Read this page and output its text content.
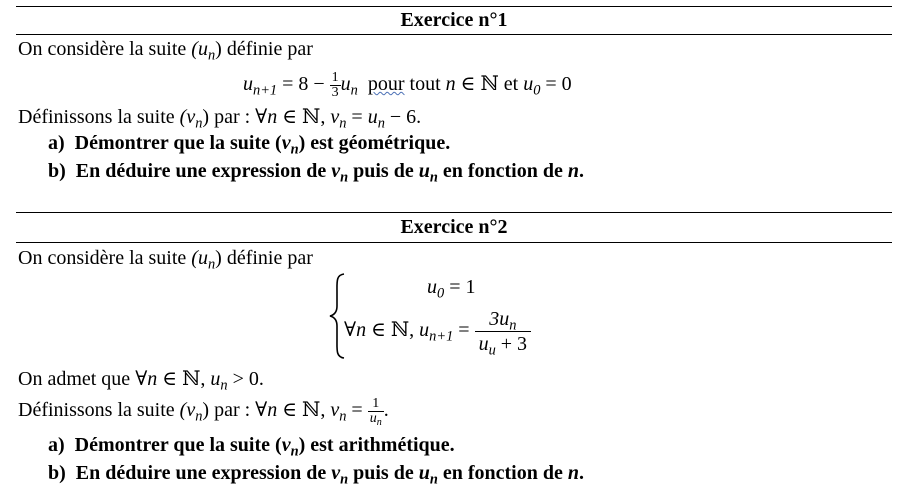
Exercice n°1
On considère la suite $(u_n)$ définie par
$u_{n+1} = 8 - \frac{1}{3} u_n$ pour tout n ∈ ℕ et $u_0 = 0$
Définissons la suite $(v_n)$ par : ∀n ∈ ℕ, $v_n = u_n - 6$.
a) Démontrer que la suite $(v_n)$ est géométrique.
b) En déduire une expression de $v_n$ puis de $u_n$ en fonction de n.
Exercice n°2
On considère la suite $(u_n)$ définie par
$u_0 = 1$
∀n ∈ ℕ, $u_{n+1} = \frac{3u_n}{u_u + 3}$
On admet que ∀n ∈ ℕ, $u_n > 0$.
Définissons la suite $(v_n)$ par : ∀n ∈ ℕ, $v_n = \frac{1}{u_n}$ .
a) Démontrer que la suite $(v_n)$ est arithmétique.
b) En déduire une expression de $v_n$ puis de $u_n$ en fonction de n.
